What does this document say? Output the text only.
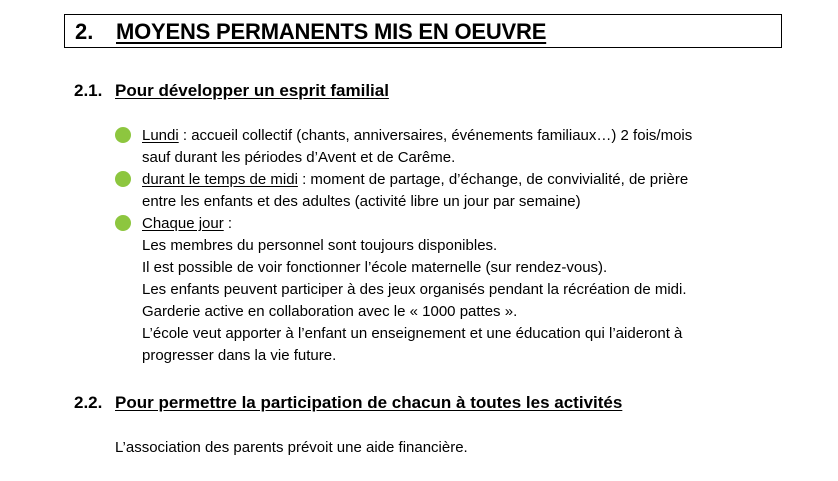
2. MOYENS PERMANENTS MIS EN OEUVRE
2.1. Pour développer un esprit familial
Lundi : accueil collectif (chants, anniversaires, événements familiaux…) 2 fois/mois
sauf durant les périodes d’Avent et de Carême.
durant le temps de midi : moment de partage, d’échange, de convivialité, de prière
entre les enfants et des adultes (activité libre un jour par semaine)
Chaque jour :
Les membres du personnel sont toujours disponibles.
Il est possible de voir fonctionner l’école maternelle (sur rendez-vous).
Les enfants peuvent participer à des jeux organisés pendant la récréation de midi.
Garderie active en collaboration avec le « 1000 pattes ».
L’école veut apporter à l’enfant un enseignement et une éducation qui l’aideront à
progresser dans la vie future.
2.2. Pour permettre la participation de chacun à toutes les activités
L’association des parents prévoit une aide financière.
